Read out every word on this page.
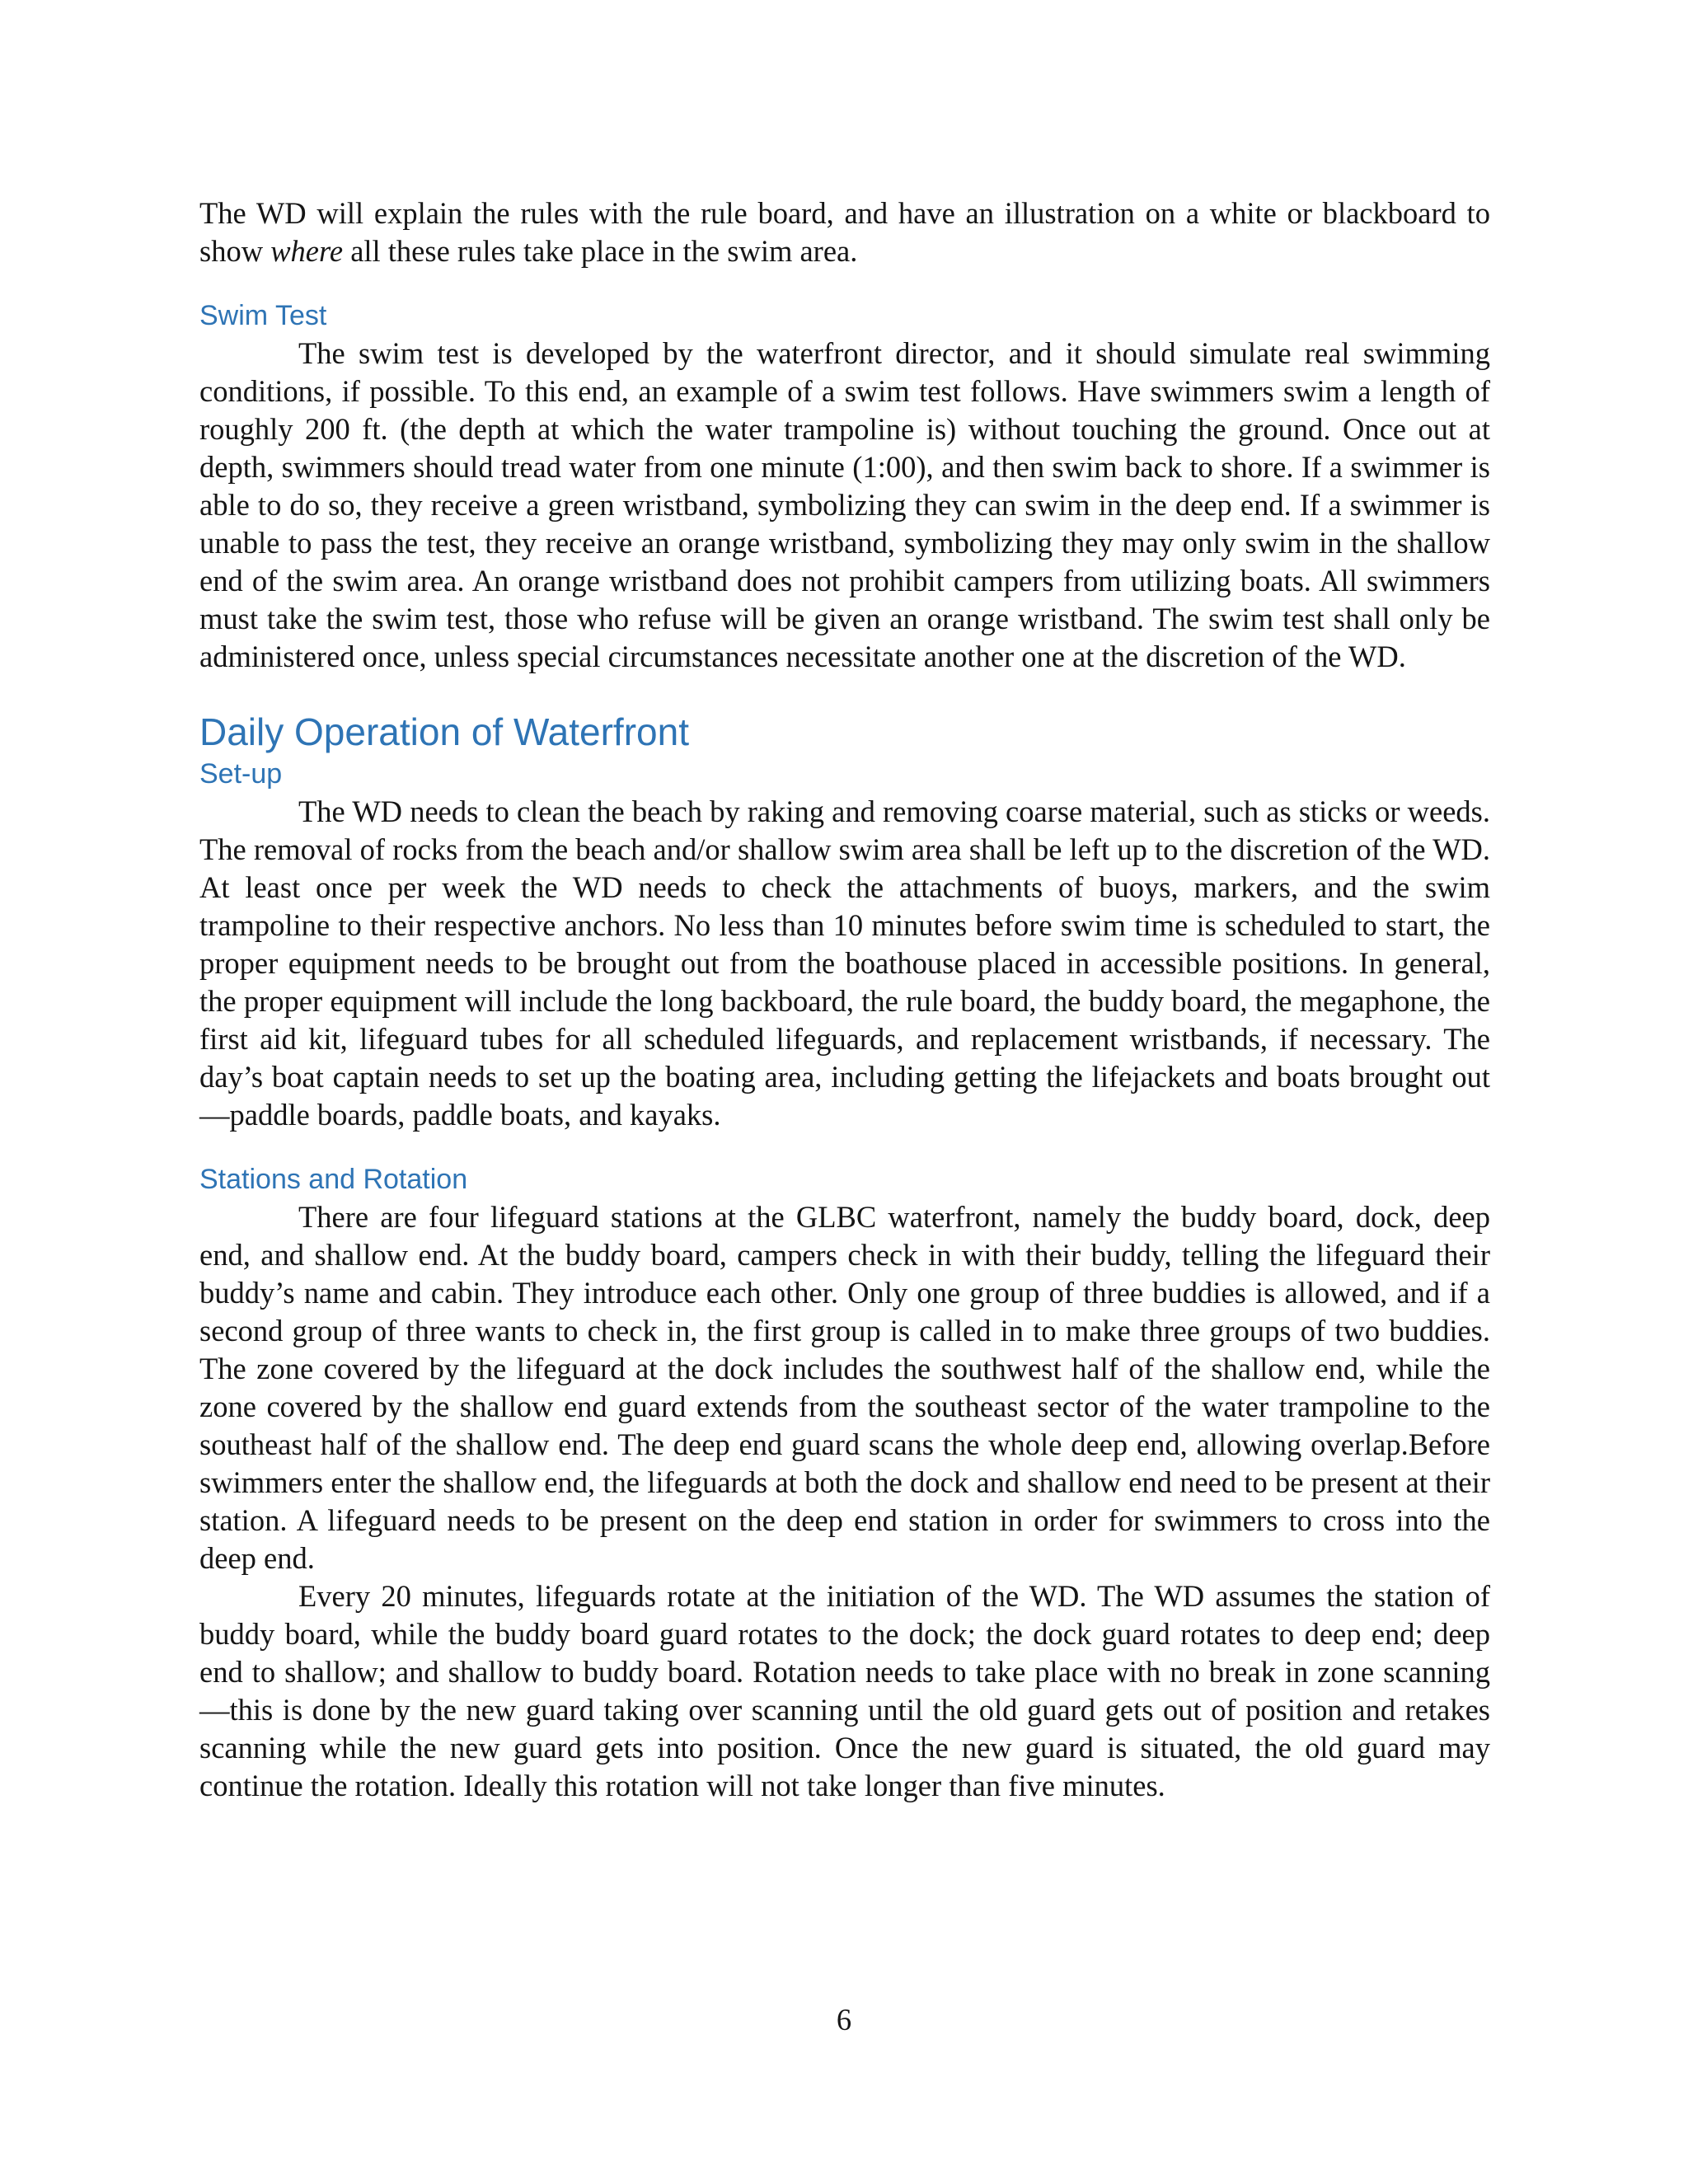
The WD will explain the rules with the rule board, and have an illustration on a white or blackboard to show where all these rules take place in the swim area.

Swim Test

The swim test is developed by the waterfront director, and it should simulate real swimming conditions, if possible. To this end, an example of a swim test follows. Have swimmers swim a length of roughly 200 ft. (the depth at which the water trampoline is) without touching the ground. Once out at depth, swimmers should tread water from one minute (1:00), and then swim back to shore. If a swimmer is able to do so, they receive a green wristband, symbolizing they can swim in the deep end. If a swimmer is unable to pass the test, they receive an orange wristband, symbolizing they may only swim in the shallow end of the swim area. An orange wristband does not prohibit campers from utilizing boats. All swimmers must take the swim test, those who refuse will be given an orange wristband. The swim test shall only be administered once, unless special circumstances necessitate another one at the discretion of the WD.

Daily Operation of Waterfront
Set-up

The WD needs to clean the beach by raking and removing coarse material, such as sticks or weeds. The removal of rocks from the beach and/or shallow swim area shall be left up to the discretion of the WD. At least once per week the WD needs to check the attachments of buoys, markers, and the swim trampoline to their respective anchors. No less than 10 minutes before swim time is scheduled to start, the proper equipment needs to be brought out from the boathouse placed in accessible positions. In general, the proper equipment will include the long backboard, the rule board, the buddy board, the megaphone, the first aid kit, lifeguard tubes for all scheduled lifeguards, and replacement wristbands, if necessary. The day’s boat captain needs to set up the boating area, including getting the lifejackets and boats brought out—paddle boards, paddle boats, and kayaks.

Stations and Rotation

There are four lifeguard stations at the GLBC waterfront, namely the buddy board, dock, deep end, and shallow end. At the buddy board, campers check in with their buddy, telling the lifeguard their buddy’s name and cabin. They introduce each other. Only one group of three buddies is allowed, and if a second group of three wants to check in, the first group is called in to make three groups of two buddies. The zone covered by the lifeguard at the dock includes the southwest half of the shallow end, while the zone covered by the shallow end guard extends from the southeast sector of the water trampoline to the southeast half of the shallow end. The deep end guard scans the whole deep end, allowing overlap.Before swimmers enter the shallow end, the lifeguards at both the dock and shallow end need to be present at their station. A lifeguard needs to be present on the deep end station in order for swimmers to cross into the deep end.

Every 20 minutes, lifeguards rotate at the initiation of the WD. The WD assumes the station of buddy board, while the buddy board guard rotates to the dock; the dock guard rotates to deep end; deep end to shallow; and shallow to buddy board. Rotation needs to take place with no break in zone scanning—this is done by the new guard taking over scanning until the old guard gets out of position and retakes scanning while the new guard gets into position. Once the new guard is situated, the old guard may continue the rotation. Ideally this rotation will not take longer than five minutes.

6
